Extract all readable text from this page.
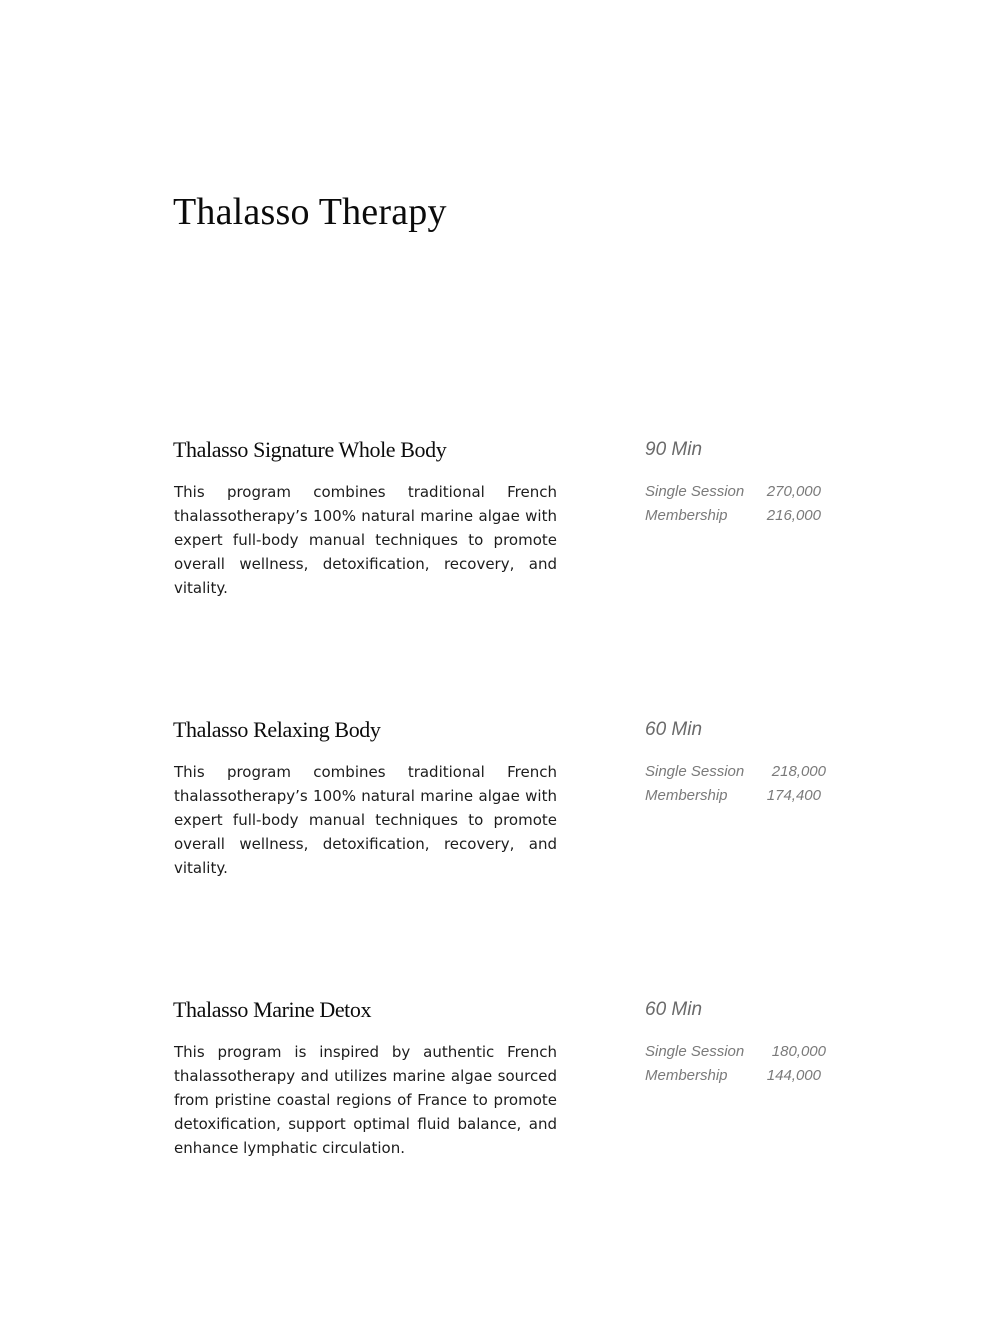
Thalasso Therapy
Thalasso Signature Whole Body

This program combines traditional French thalassotherapy’s 100% natural marine algae with expert full-body manual techniques to promote overall wellness, detoxification, recovery, and vitality.

90 Min
Single Session 270,000
Membership	216,000
Thalasso Relaxing Body

This program combines traditional French thalassotherapy’s 100% natural marine algae with expert full-body manual techniques to promote overall wellness, detoxification, recovery, and vitality.

60 Min
Single Session 218,000
Membership	174,400
Thalasso Marine Detox

This program is inspired by authentic French thalassotherapy and utilizes marine algae sourced from pristine coastal regions of France to promote detoxification, support optimal fluid balance, and enhance lymphatic circulation.

60 Min
Single Session 180,000
Membership	144,000
